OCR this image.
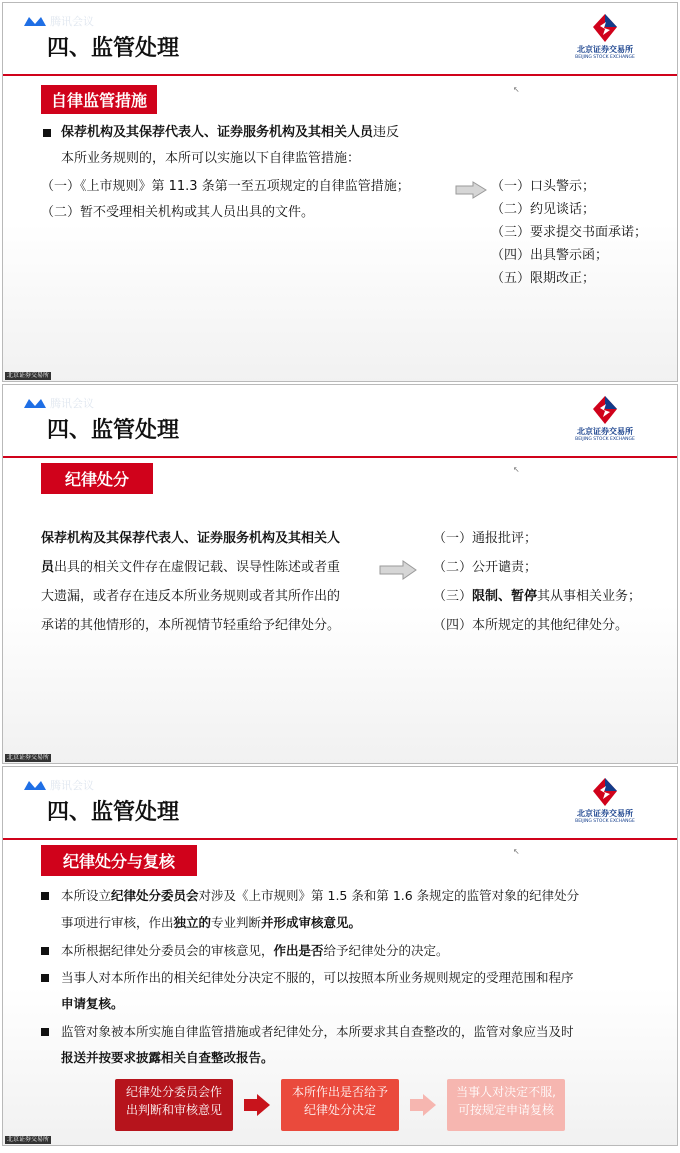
腾讯会议
四、监管处理	北京证券交易所
BEIJING STOCK EXCHANGE
↖
自律监管措施
保荐机构及其保荐代表人、证券服务机构及其相关人员违反
本所业务规则的，本所可以实施以下自律监管措施：
（一）《上市规则》第 11.3 条第一至五项规定的自律监管措施；
（二）暂不受理相关机构或其人员出具的文件。
（一）口头警示；
（二）约见谈话；
（三）要求提交书面承诺；
（四）出具警示函；
（五）限期改正；
北京证券交易所
腾讯会议
四、监管处理	北京证券交易所
BEIJING STOCK EXCHANGE
↖
纪律处分
保荐机构及其保荐代表人、证券服务机构及其相关人
员出具的相关文件存在虚假记载、误导性陈述或者重
大遗漏，或者存在违反本所业务规则或者其所作出的
承诺的其他情形的，本所视情节轻重给予纪律处分。
（一）通报批评；
（二）公开谴责；
（三）限制、暂停其从事相关业务；
（四）本所规定的其他纪律处分。
北京证券交易所
腾讯会议
四、监管处理	北京证券交易所
BEIJING STOCK EXCHANGE
↖
纪律处分与复核
本所设立纪律处分委员会对涉及《上市规则》第 1.5 条和第 1.6 条规定的监管对象的纪律处分
事项进行审核，作出独立的专业判断并形成审核意见。
本所根据纪律处分委员会的审核意见，作出是否给予纪律处分的决定。
当事人对本所作出的相关纪律处分决定不服的，可以按照本所业务规则规定的受理范围和程序
申请复核。
监管对象被本所实施自律监管措施或者纪律处分，本所要求其自查整改的，监管对象应当及时
报送并按要求披露相关自查整改报告。
纪律处分委员会作
出判断和审核意见
本所作出是否给予
纪律处分决定
当事人对决定不服,
可按规定申请复核
北京证券交易所
